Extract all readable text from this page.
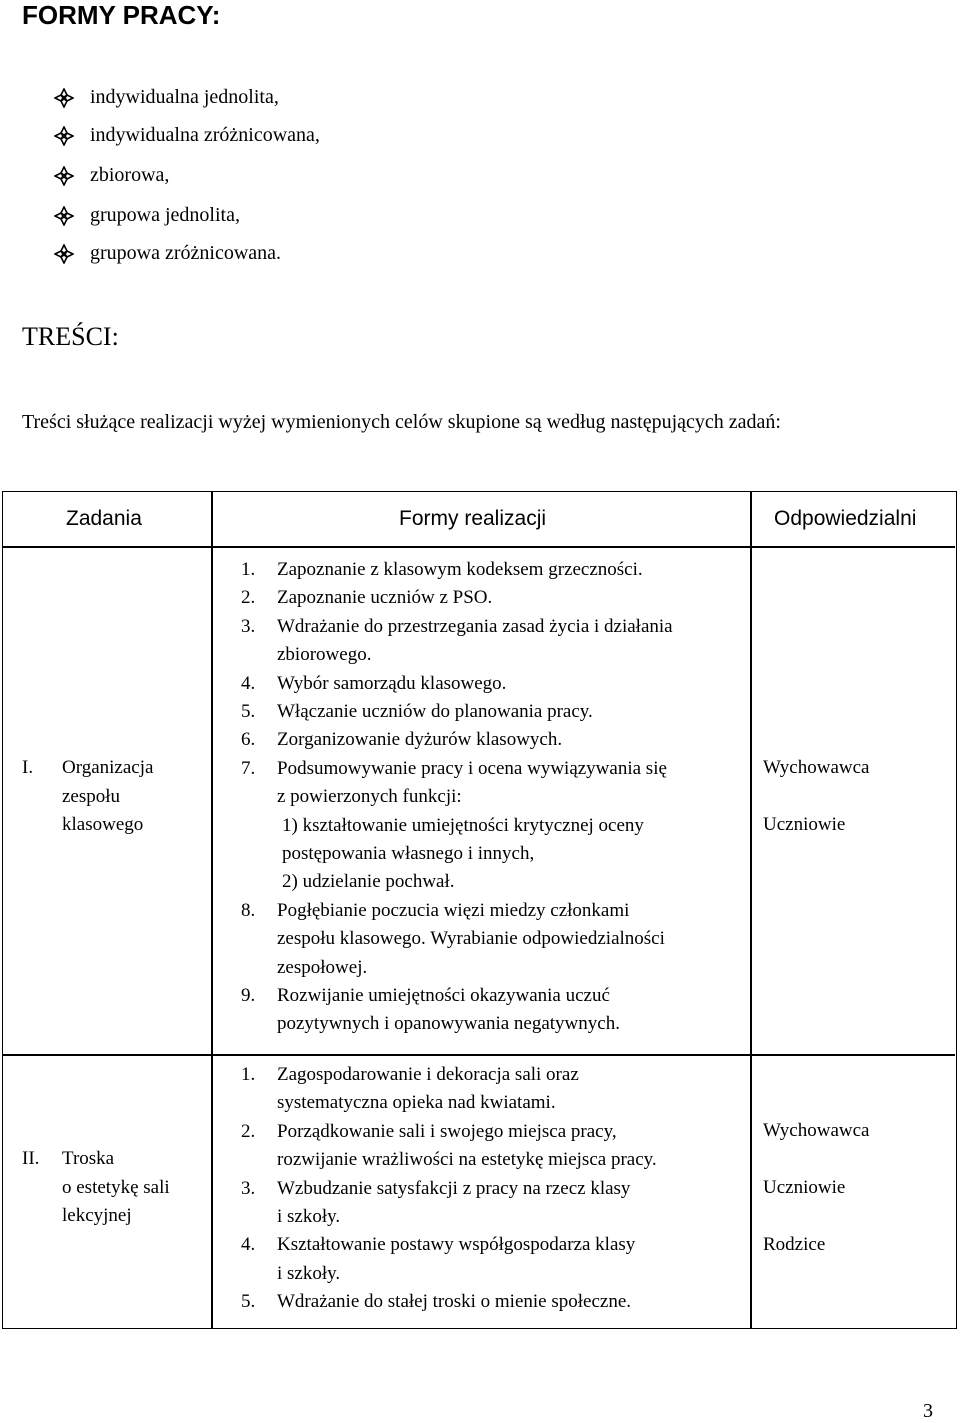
FORMY PRACY:
indywidualna jednolita,
indywidualna zróżnicowana,
zbiorowa,
grupowa jednolita,
grupowa zróżnicowana.
TREŚCI:
Treści służące realizacji wyżej wymienionych celów skupione są według następujących zadań:
Zadania	Formy realizacji	Odpowiedzialni
I. Organizacja
zespołu
klasowego
1. Zapoznanie z klasowym kodeksem grzeczności.
2. Zapoznanie uczniów z PSO.
3. Wdrażanie do przestrzegania zasad życia i działania
zbiorowego.
4. Wybór samorządu klasowego.
5. Włączanie uczniów do planowania pracy.
6. Zorganizowanie dyżurów klasowych.
7. Podsumowywanie pracy i ocena wywiązywania się
z powierzonych funkcji:
1) kształtowanie umiejętności krytycznej oceny
postępowania własnego i innych,
2) udzielanie pochwał.
8. Pogłębianie poczucia więzi miedzy członkami
zespołu klasowego. Wyrabianie odpowiedzialności
zespołowej.
9. Rozwijanie umiejętności okazywania uczuć
pozytywnych i opanowywania negatywnych.
Wychowawca
Uczniowie
II. Troska
o estetykę sali
lekcyjnej
1. Zagospodarowanie i dekoracja sali oraz
systematyczna opieka nad kwiatami.
2. Porządkowanie sali i swojego miejsca pracy,
rozwijanie wrażliwości na estetykę miejsca pracy.
3. Wzbudzanie satysfakcji z pracy na rzecz klasy
i szkoły.
4. Kształtowanie postawy współgospodarza klasy
i szkoły.
5. Wdrażanie do stałej troski o mienie społeczne.
Wychowawca
Uczniowie
Rodzice
3
